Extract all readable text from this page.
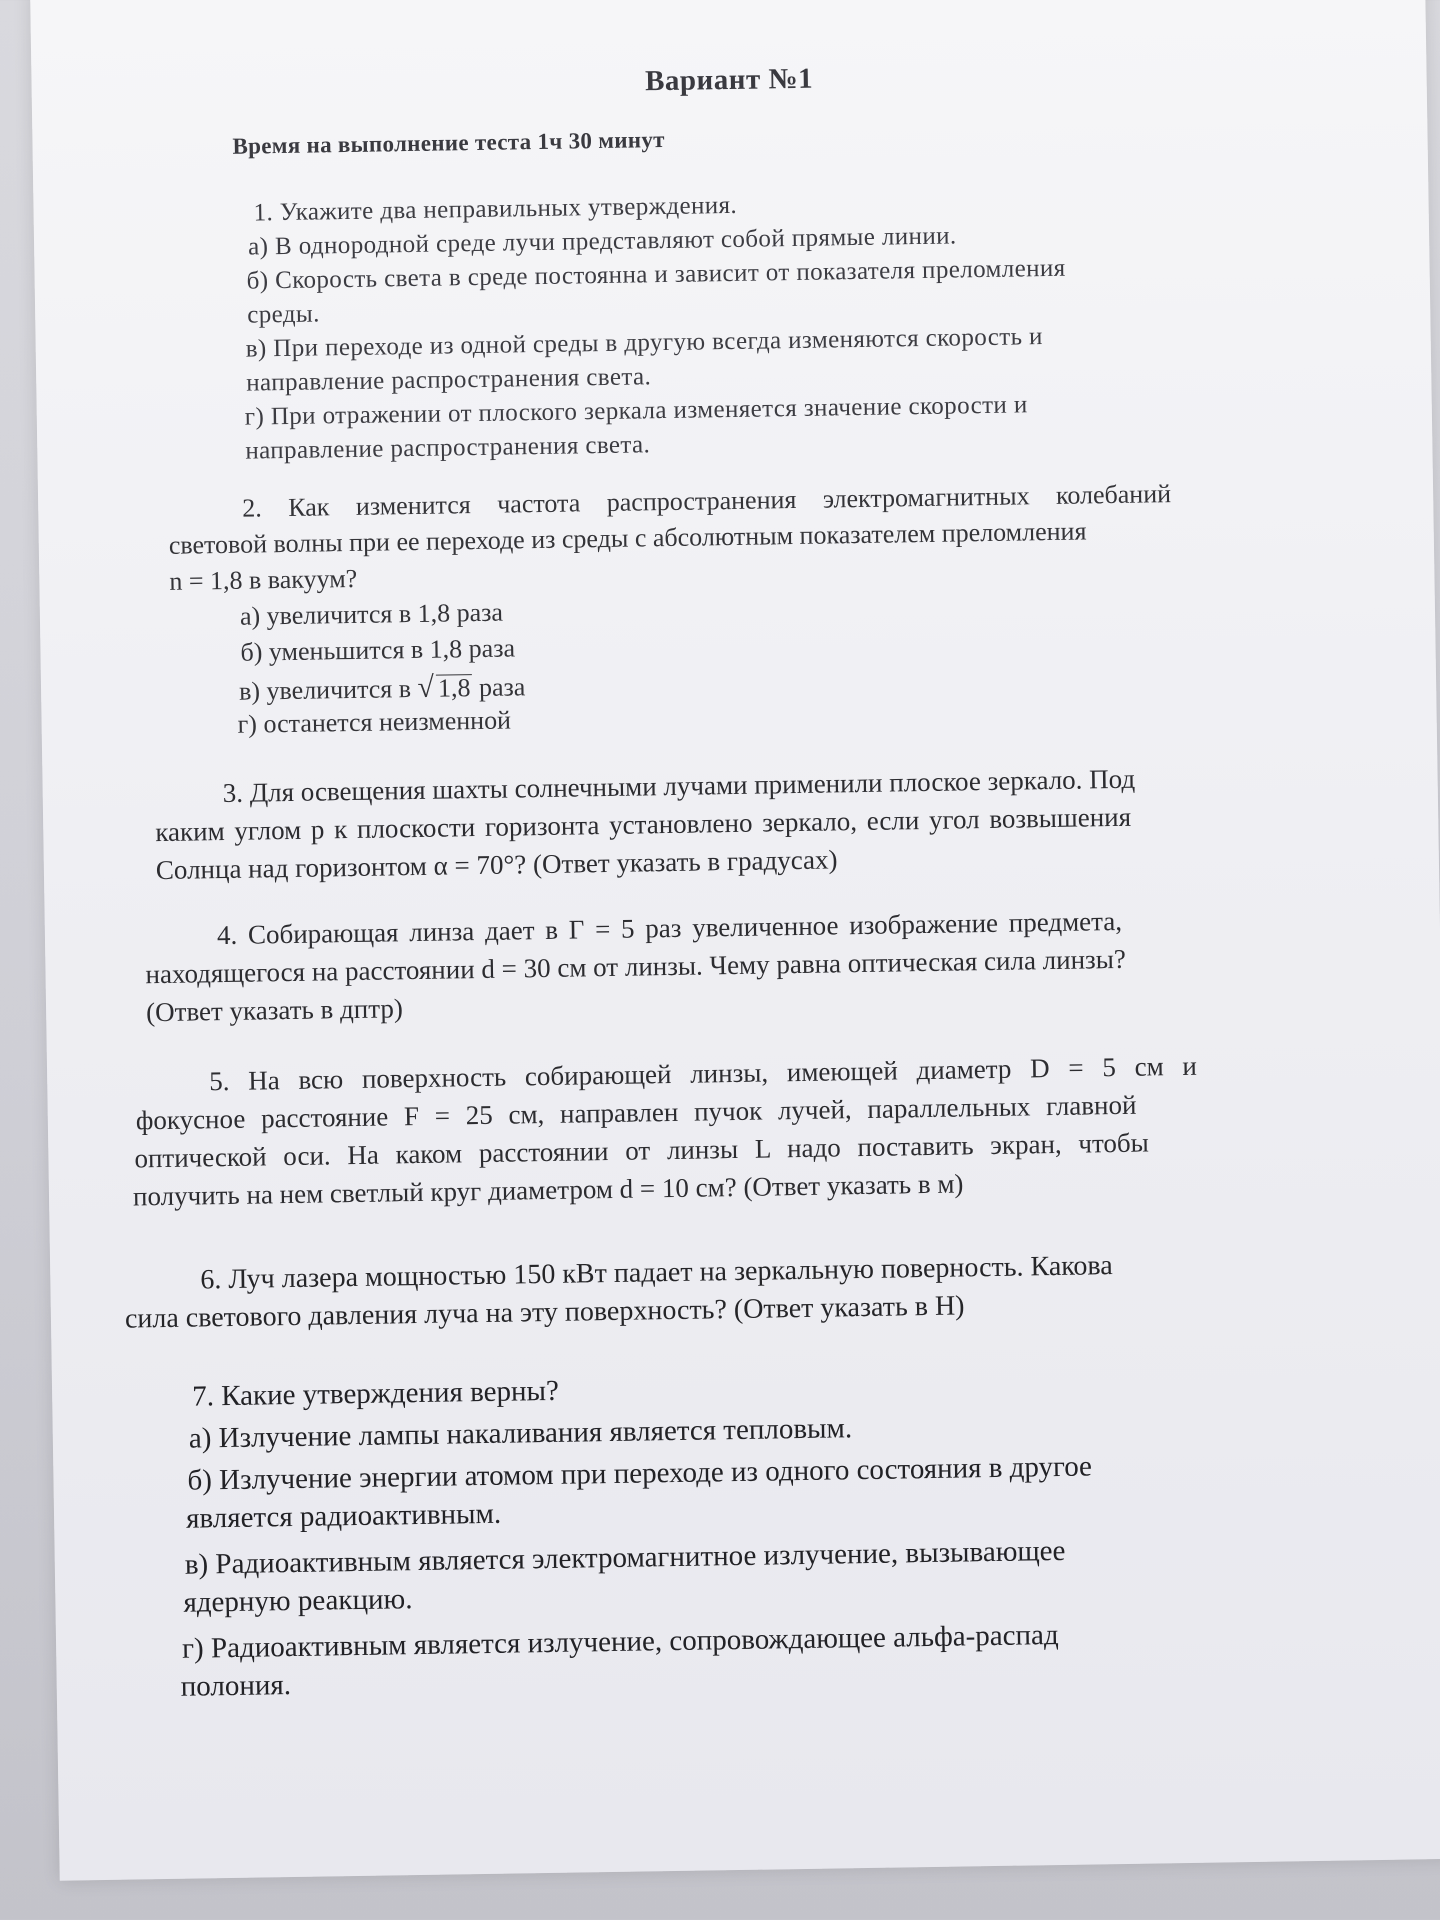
Вариант №1
Время на выполнение теста 1ч 30 минут
1. Укажите два неправильных утверждения.
а) В однородной среде лучи представляют собой прямые линии.
б) Скорость света в среде постоянна и зависит от показателя преломления
среды.
в) При переходе из одной среды в другую всегда изменяются скорость и
направление распространения света.
г) При отражении от плоского зеркала изменяется значение скорости и
направление распространения света.
2. Как изменится частота распространения электромагнитных колебаний
световой волны при ее переходе из среды с абсолютным показателем преломления
n = 1,8 в вакуум?
а) увеличится в 1,8 раза
б) уменьшится в 1,8 раза
в) увеличится в √ 1,8 раза
г) останется неизменной
3. Для освещения шахты солнечными лучами применили плоское зеркало. Под
каким углом р к плоскости горизонта установлено зеркало, если угол возвышения
Солнца над горизонтом α = 70°? (Ответ указать в градусах)
4. Собирающая линза дает в Г = 5 раз увеличенное изображение предмета,
находящегося на расстоянии d = 30 см от линзы. Чему равна оптическая сила линзы?
(Ответ указать в дптр)
5. На всю поверхность собирающей линзы, имеющей диаметр D = 5 см и
фокусное расстояние F = 25 см, направлен пучок лучей, параллельных главной
оптической оси. На каком расстоянии от линзы L надо поставить экран, чтобы
получить на нем светлый круг диаметром d = 10 см? (Ответ указать в м)
6. Луч лазера мощностью 150 кВт падает на зеркальную поверность. Какова
сила светового давления луча на эту поверхность? (Ответ указать в Н)
7. Какие утверждения верны?
а) Излучение лампы накаливания является тепловым.
б) Излучение энергии атомом при переходе из одного состояния в другое
является радиоактивным.
в) Радиоактивным является электромагнитное излучение, вызывающее
ядерную реакцию.
г) Радиоактивным является излучение, сопровождающее альфа-распад
полония.
